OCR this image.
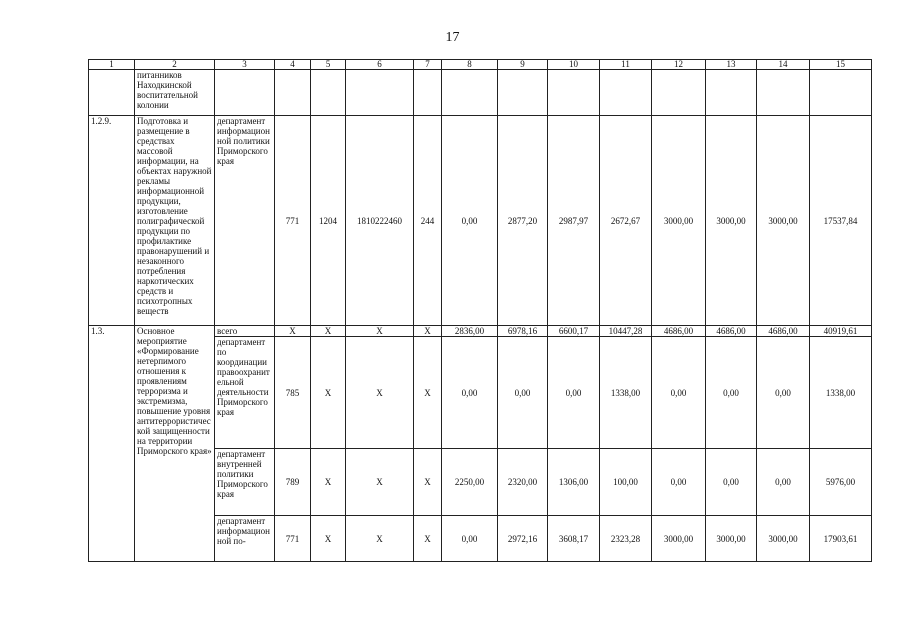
17
1	2	3	4	5	6	7	8	9	10	11	12	13	14	15
	питанников Находкинской воспитательной колонии													
1.2.9.	Подготовка и размещение в средствах массовой информации, на объектах наружной рекламы информационной продукции, изготовление полиграфической продукции по профилактике правонарушений и незаконного потребления наркотических средств и психотропных веществ	департамент информационной политики Приморского края	771	1204	1810222460	244	0,00	2877,20	2987,97	2672,67	3000,00	3000,00	3000,00	17537,84
1.3.	Основное мероприятие «Формирование нетерпимого отношения к проявлениям терроризма и экстремизма, повышение уровня антитеррористической защищенности на территории Приморского края»	всего	X	X	X	X	2836,00	6978,16	6600,17	10447,28	4686,00	4686,00	4686,00	40919,61
		департамент по координации правоохранительной деятельности Приморского края	785	X	X	X	0,00	0,00	0,00	1338,00	0,00	0,00	0,00	1338,00
		департамент внутренней политики Приморского края	789	X	X	X	2250,00	2320,00	1306,00	100,00	0,00	0,00	0,00	5976,00
		департамент информационной по-	771	X	X	X	0,00	2972,16	3608,17	2323,28	3000,00	3000,00	3000,00	17903,61
